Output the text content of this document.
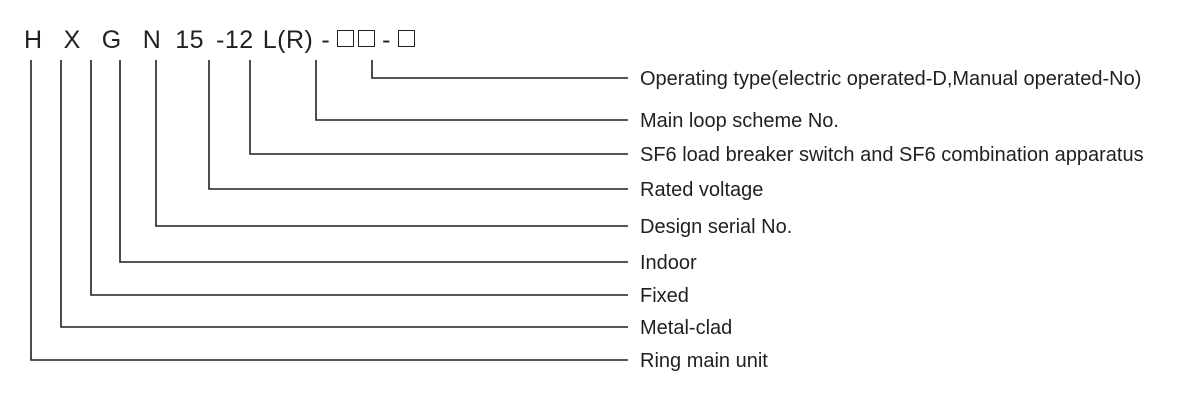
H X G N 15 -12 L(R) - -
Operating type(electric operated-D,Manual operated-No)
Main loop scheme No.
SF6 load breaker switch and SF6 combination apparatus
Rated voltage
Design serial No.
Indoor
Fixed
Metal-clad
Ring main unit
